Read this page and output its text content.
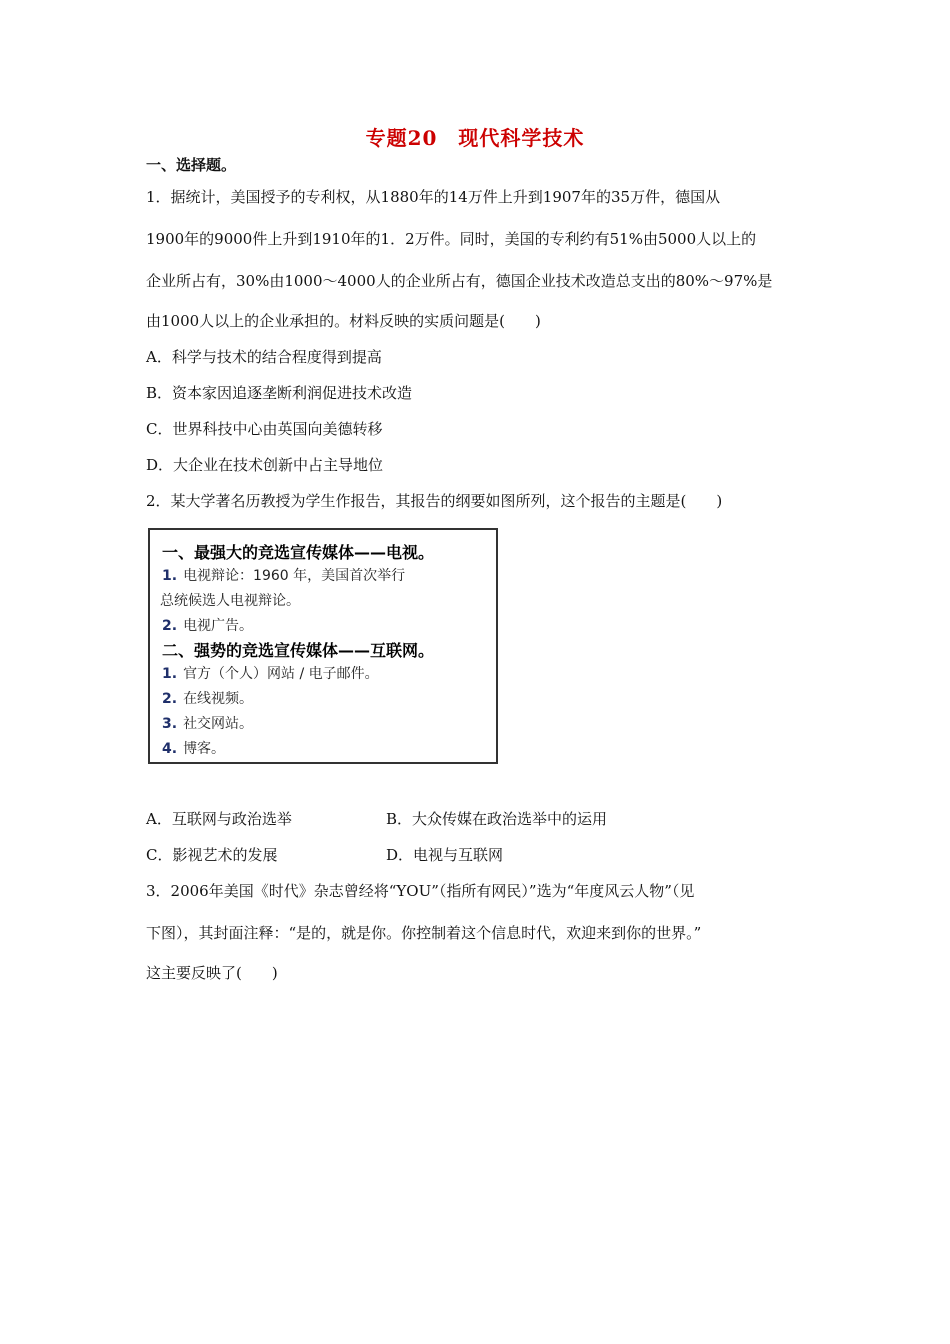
专题20　现代科学技术
一、选择题。
1．据统计，美国授予的专利权，从1880年的14万件上升到1907年的35万件，德国从
1900年的9000件上升到1910年的1．2万件。同时，美国的专利约有51%由5000人以上的
企业所占有，30%由1000～4000人的企业所占有，德国企业技术改造总支出的80%～97%是
由1000人以上的企业承担的。材料反映的实质问题是(　　)
A．科学与技术的结合程度得到提高
B．资本家因追逐垄断利润促进技术改造
C．世界科技中心由英国向美德转移
D．大企业在技术创新中占主导地位
2．某大学著名历教授为学生作报告，其报告的纲要如图所列，这个报告的主题是(　　)
一、最强大的竞选宣传媒体——电视。
1. 电视辩论：1960 年，美国首次举行
总统候选人电视辩论。
2. 电视广告。
二、强势的竞选宣传媒体——互联网。
1. 官方（个人）网站 / 电子邮件。
2. 在线视频。
3. 社交网站。
4. 博客。
A．互联网与政治选举	B．大众传媒在政治选举中的运用
C．影视艺术的发展	D．电视与互联网
3．2006年美国《时代》杂志曾经将“YOU”（指所有网民）”选为“年度风云人物”（见
下图），其封面注释：“是的，就是你。你控制着这个信息时代，欢迎来到你的世界。”
这主要反映了(　　)
